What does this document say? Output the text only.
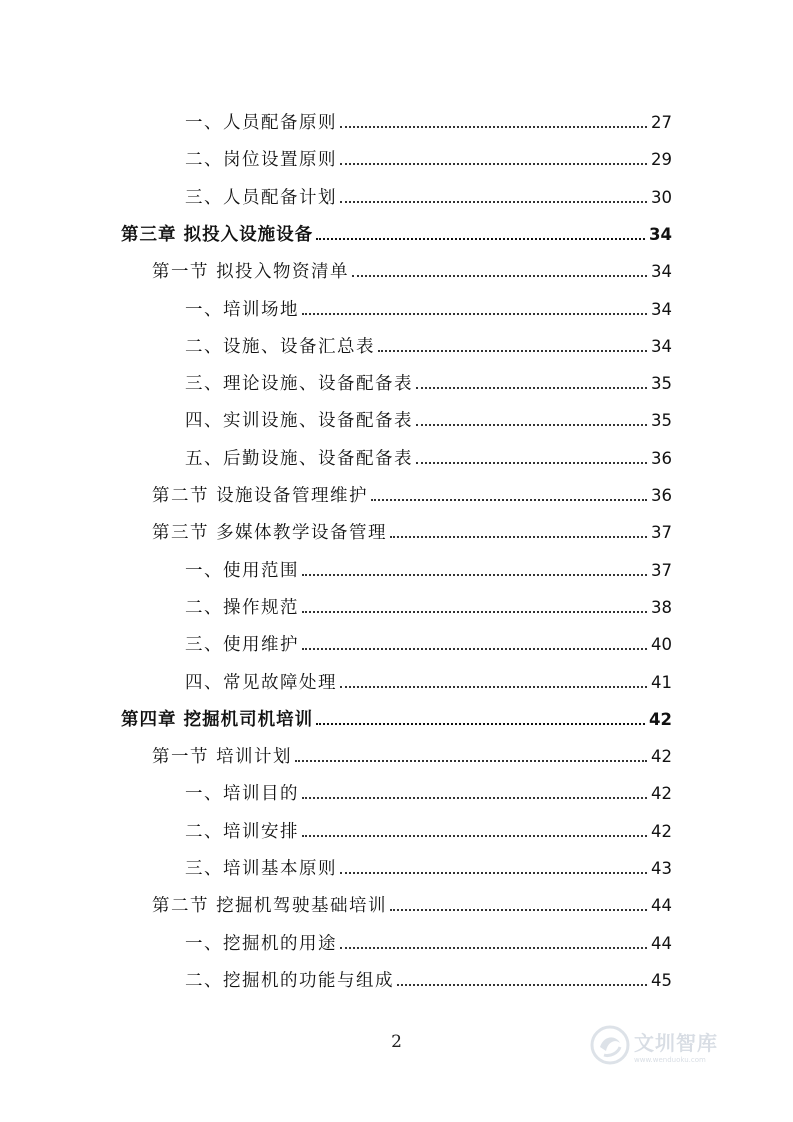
一、人员配备原则	27
二、岗位设置原则	29
三、人员配备计划	30
第三章 拟投入设施设备	34
第一节 拟投入物资清单	34
一、培训场地	34
二、设施、设备汇总表	34
三、理论设施、设备配备表	35
四、实训设施、设备配备表	35
五、后勤设施、设备配备表	36
第二节 设施设备管理维护	36
第三节 多媒体教学设备管理	37
一、使用范围	37
二、操作规范	38
三、使用维护	40
四、常见故障处理	41
第四章 挖掘机司机培训	42
第一节 培训计划	42
一、培训目的	42
二、培训安排	42
三、培训基本原则	43
第二节 挖掘机驾驶基础培训	44
一、挖掘机的用途	44
二、挖掘机的功能与组成	45
2	文圳智库
www.wenduoku.com
